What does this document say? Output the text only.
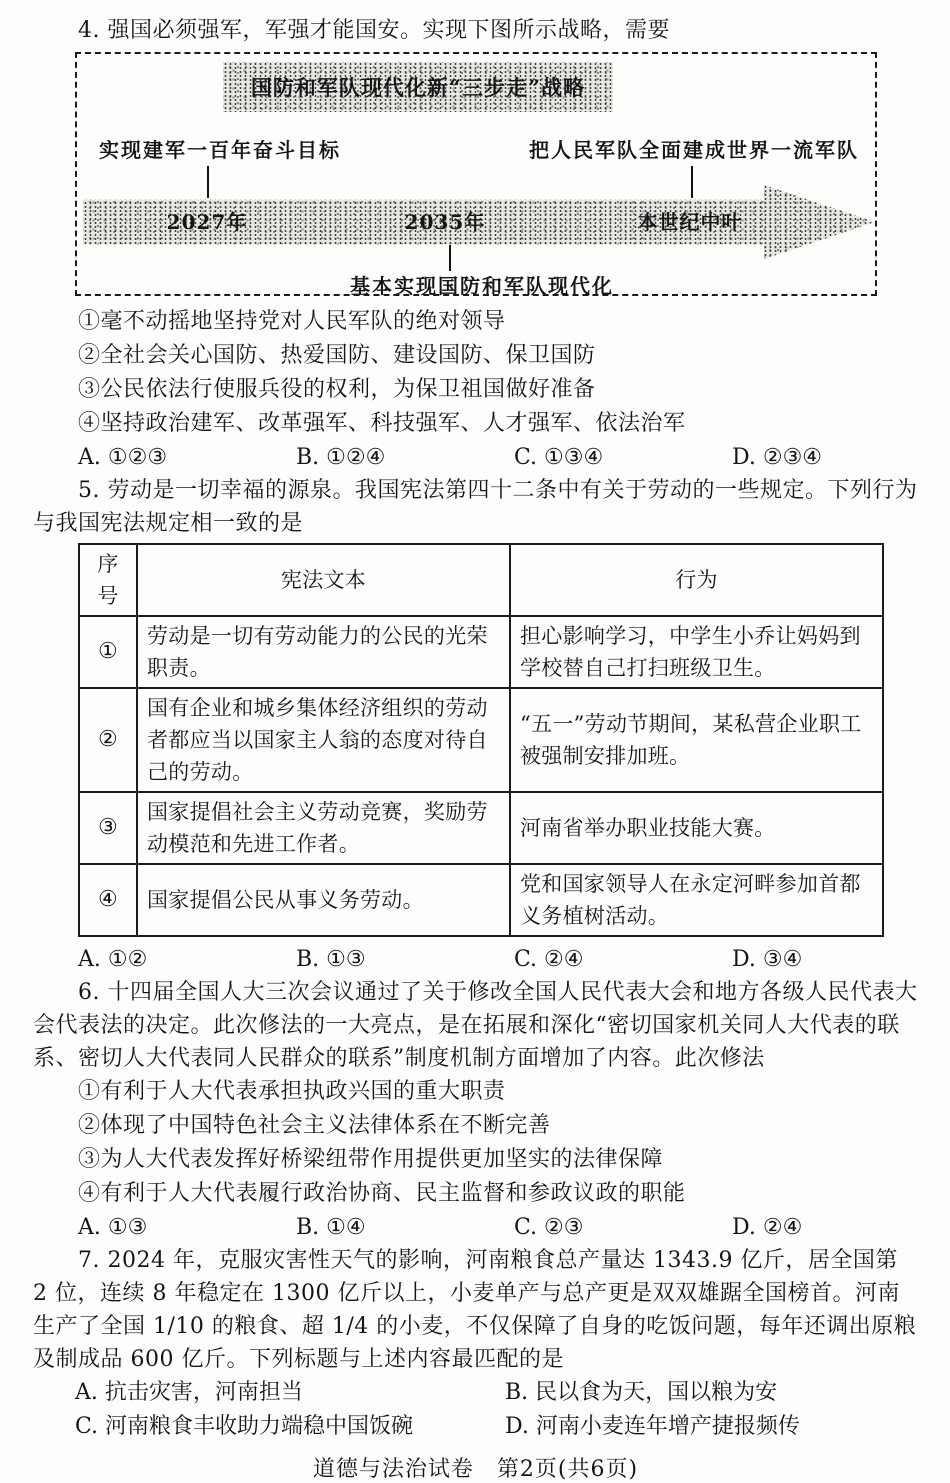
4. 强国必须强军，军强才能国安。实现下图所示战略，需要

国防和军队现代化新“三步走”战略
实现建军一百年奋斗目标	把人民军队全面建成世界一流军队
2027年	2035年	本世纪中叶
基本实现国防和军队现代化

①毫不动摇地坚持党对人民军队的绝对领导

②全社会关心国防、热爱国防、建设国防、保卫国防

③公民依法行使服兵役的权利，为保卫祖国做好准备

④坚持政治建军、改革强军、科技强军、人才强军、依法治军

A. ①②③	B. ①②④	C. ①③④	D. ②③④

5. 劳动是一切幸福的源泉。我国宪法第四十二条中有关于劳动的一些规定。下列行为与我国宪法规定相一致的是

序号	宪法文本	行为
①	劳动是一切有劳动能力的公民的光荣职责。	担心影响学习，中学生小乔让妈妈到学校替自己打扫班级卫生。
②	国有企业和城乡集体经济组织的劳动者都应当以国家主人翁的态度对待自己的劳动。	“五一”劳动节期间，某私营企业职工被强制安排加班。
③	国家提倡社会主义劳动竞赛，奖励劳动模范和先进工作者。	河南省举办职业技能大赛。
④	国家提倡公民从事义务劳动。	党和国家领导人在永定河畔参加首都义务植树活动。
A. ①②	B. ①③	C. ②④	D. ③④

6. 十四届全国人大三次会议通过了关于修改全国人民代表大会和地方各级人民代表大会代表法的决定。此次修法的一大亮点，是在拓展和深化“密切国家机关同人大代表的联系、密切人大代表同人民群众的联系”制度机制方面增加了内容。此次修法

①有利于人大代表承担执政兴国的重大职责

②体现了中国特色社会主义法律体系在不断完善

③为人大代表发挥好桥梁纽带作用提供更加坚实的法律保障

④有利于人大代表履行政治协商、民主监督和参政议政的职能

A. ①③	B. ①④	C. ②③	D. ②④

7. 2024 年，克服灾害性天气的影响，河南粮食总产量达 1343.9 亿斤，居全国第 2 位，连续 8 年稳定在 1300 亿斤以上，小麦单产与总产更是双双雄踞全国榜首。河南生产了全国 1/10 的粮食、超 1/4 的小麦，不仅保障了自身的吃饭问题，每年还调出原粮及制成品 600 亿斤。下列标题与上述内容最匹配的是

A. 抗击灾害，河南担当	B. 民以食为天，国以粮为安
C. 河南粮食丰收助力端稳中国饭碗	D. 河南小麦连年增产捷报频传
道德与法治试卷　第2页(共6页)
